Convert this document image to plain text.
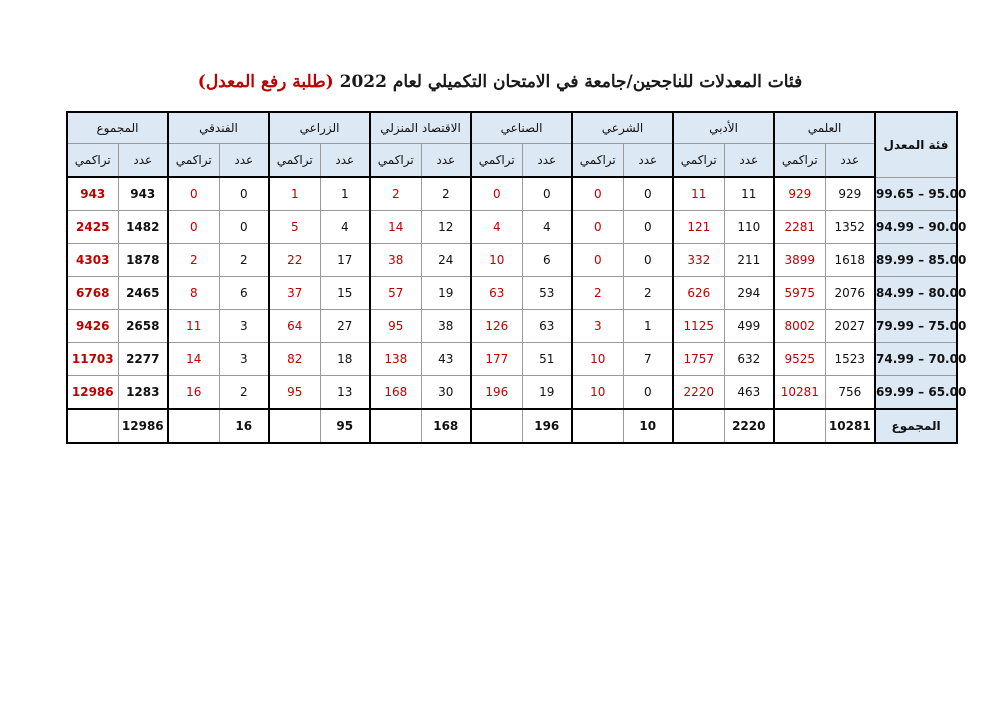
فئات المعدلات للناجحين/جامعة في الامتحان التكميلي لعام 2022 (طلبة رفع المعدل)
فئة المعدل	العلمي		الأدبي		الشرعي		الصناعي		الاقتصاد المنزلي		الزراعي		الفندقي		المجموع	
	عدد	تراكمي	عدد	تراكمي	عدد	تراكمي	عدد	تراكمي	عدد	تراكمي	عدد	تراكمي	عدد	تراكمي	عدد	تراكمي
99.65 – 95.00	929	929	11	11	0	0	0	0	2	2	1	1	0	0	943	943
94.99 – 90.00	1352	2281	110	121	0	0	4	4	12	14	4	5	0	0	1482	2425
89.99 – 85.00	1618	3899	211	332	0	0	6	10	24	38	17	22	2	2	1878	4303
84.99 – 80.00	2076	5975	294	626	2	2	53	63	19	57	15	37	6	8	2465	6768
79.99 – 75.00	2027	8002	499	1125	1	3	63	126	38	95	27	64	3	11	2658	9426
74.99 – 70.00	1523	9525	632	1757	7	10	51	177	43	138	18	82	3	14	2277	11703
69.99 – 65.00	756	10281	463	2220	0	10	19	196	30	168	13	95	2	16	1283	12986
المجموع	10281		2220		10		196		168		95		16		12986	
